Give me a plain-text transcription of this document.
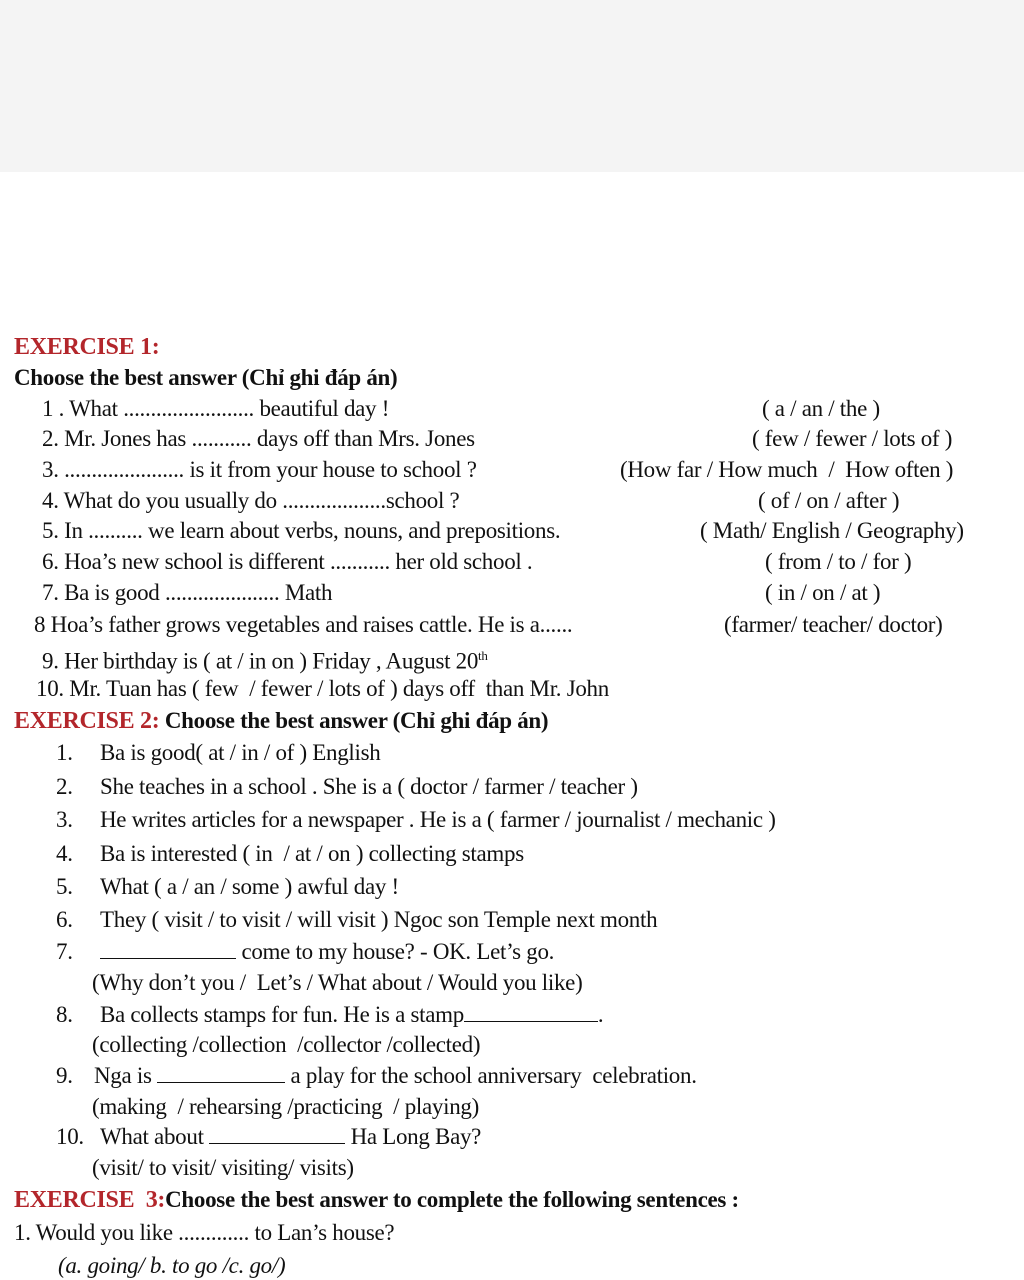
EXERCISE 1:
Choose the best answer (Chỉ ghi đáp án)
1 . What ........................ beautiful day !	( a / an / the )
2. Mr. Jones has ........... days off than Mrs. Jones	( few / fewer / lots of )
3. ...................... is it from your house to school ?	(How far / How much  /  How often )
4. What do you usually do ...................school ?	( of / on / after )
5. In .......... we learn about verbs, nouns, and prepositions.	( Math/ English / Geography)
6. Hoa’s new school is different ........... her old school .	( from / to / for )
7. Ba is good ..................... Math	( in / on / at )
8 Hoa’s father grows vegetables and raises cattle. He is a......	(farmer/ teacher/ doctor)
9. Her birthday is ( at / in on ) Friday , August 20th
10. Mr. Tuan has ( few  / fewer / lots of ) days off  than Mr. John
EXERCISE 2: Choose the best answer (Chỉ ghi đáp án)
1. Ba is good( at / in / of ) English
2. She teaches in a school . She is a ( doctor / farmer / teacher )
3. He writes articles for a newspaper . He is a ( farmer / journalist / mechanic )
4. Ba is interested ( in  / at / on ) collecting stamps
5. What ( a / an / some ) awful day !
6. They ( visit / to visit / will visit ) Ngoc son Temple next month
7.	come to my house? - OK. Let’s go.
(Why don’t you /  Let’s / What about / Would you like)
8. Ba collects stamps for fun. He is a stamp	.
(collecting /collection  /collector /collected)
9. Nga is	a play for the school anniversary  celebration.
(making  / rehearsing /practicing  / playing)
10. What about	Ha Long Bay?
(visit/ to visit/ visiting/ visits)
EXERCISE  3:Choose the best answer to complete the following sentences :
1. Would you like ............. to Lan’s house?
(a. going/ b. to go /c. go/)
